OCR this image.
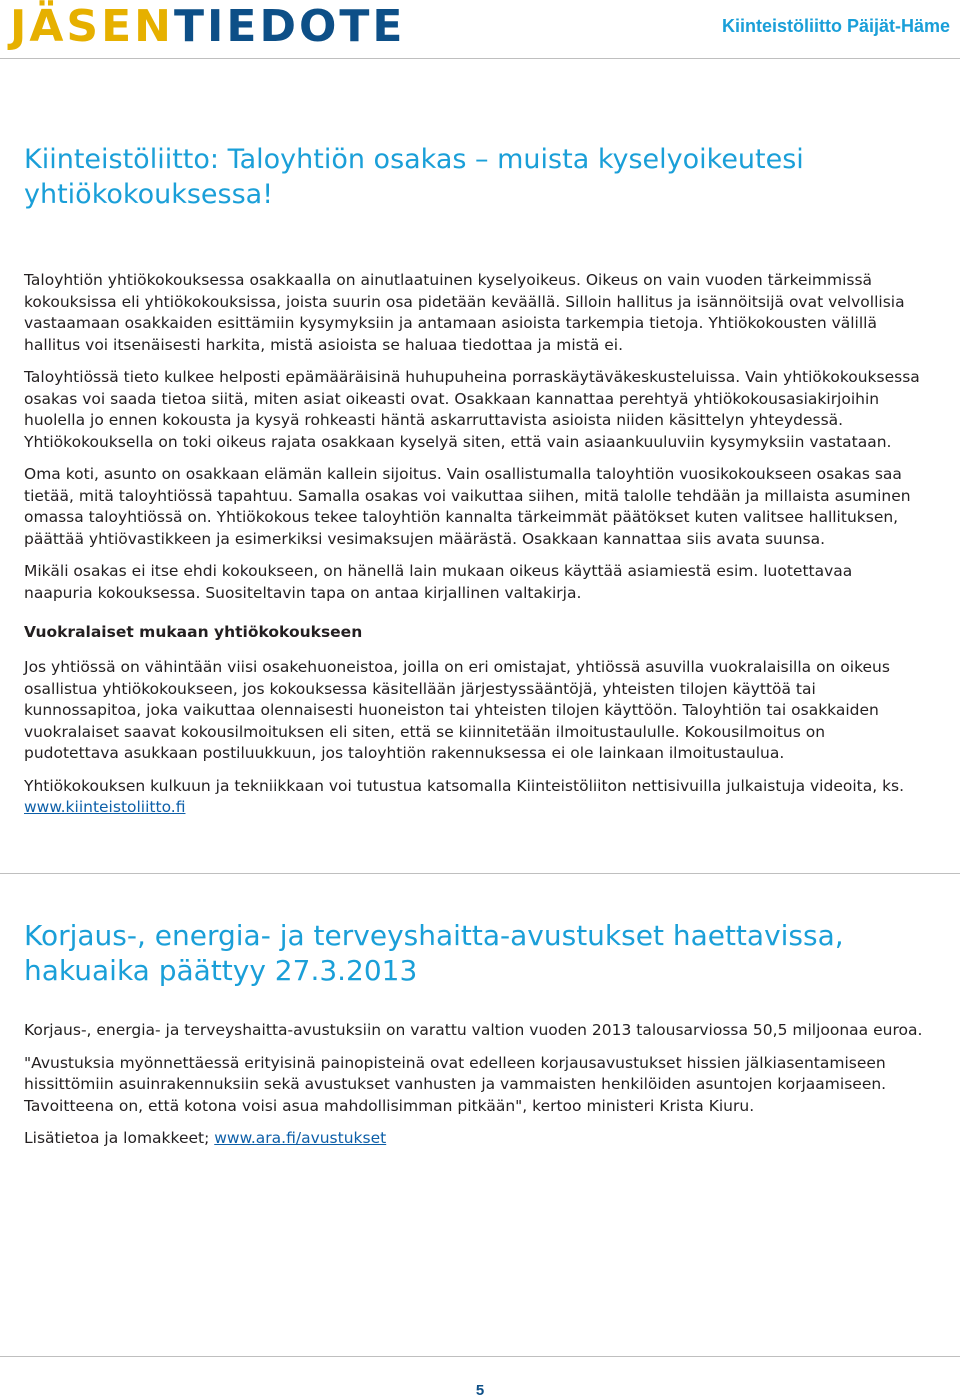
JÄSENTIEDOTE	Kiinteistöliitto Päijät-Häme
Kiinteistöliitto: Taloyhtiön osakas – muista kyselyoikeutesi yhtiökokouksessa!

Taloyhtiön yhtiökokouksessa osakkaalla on ainutlaatuinen kyselyoikeus. Oikeus on vain vuoden tärkeimmissä kokouksissa eli yhtiökokouksissa, joista suurin osa pidetään keväällä. Silloin hallitus ja isännöitsijä ovat velvollisia vastaamaan osakkaiden esittämiin kysymyksiin ja antamaan asioista tarkempia tietoja. Yhtiökokousten välillä hallitus voi itsenäisesti harkita, mistä asioista se haluaa tiedottaa ja mistä ei.

Taloyhtiössä tieto kulkee helposti epämääräisinä huhupuheina porraskäytäväkeskusteluissa. Vain yhtiökokouksessa osakas voi saada tietoa siitä, miten asiat oikeasti ovat. Osakkaan kannattaa perehtyä yhtiökokousasiakirjoihin huolella jo ennen kokousta ja kysyä rohkeasti häntä askarruttavista asioista niiden käsittelyn yhteydessä. Yhtiökokouksella on toki oikeus rajata osakkaan kyselyä siten, että vain asiaankuuluviin kysymyksiin vastataan.

Oma koti, asunto on osakkaan elämän kallein sijoitus. Vain osallistumalla taloyhtiön vuosikokoukseen osakas saa tietää, mitä taloyhtiössä tapahtuu. Samalla osakas voi vaikuttaa siihen, mitä talolle tehdään ja millaista asuminen omassa taloyhtiössä on. Yhtiökokous tekee taloyhtiön kannalta tärkeimmät päätökset kuten valitsee hallituksen, päättää yhtiövastikkeen ja esimerkiksi vesimaksujen määrästä. Osakkaan kannattaa siis avata suunsa.

Mikäli osakas ei itse ehdi kokoukseen, on hänellä lain mukaan oikeus käyttää asiamiestä esim. luotettavaa naapuria kokouksessa. Suositeltavin tapa on antaa kirjallinen valtakirja.

Vuokralaiset mukaan yhtiökokoukseen

Jos yhtiössä on vähintään viisi osakehuoneistoa, joilla on eri omistajat, yhtiössä asuvilla vuokralaisilla on oikeus osallistua yhtiökokoukseen, jos kokouksessa käsitellään järjestyssääntöjä, yhteisten tilojen käyttöä tai kunnossapitoa, joka vaikuttaa olennaisesti huoneiston tai yhteisten tilojen käyttöön. Taloyhtiön tai osakkaiden vuokralaiset saavat kokousilmoituksen eli siten, että se kiinnitetään ilmoitustaululle. Kokousilmoitus on pudotettava asukkaan postiluukkuun, jos taloyhtiön rakennuksessa ei ole lainkaan ilmoitustaulua.

Yhtiökokouksen kulkuun ja tekniikkaan voi tutustua katsomalla Kiinteistöliiton nettisivuilla julkaistuja videoita, ks. www.kiinteistoliitto.fi

Korjaus-, energia- ja terveyshaitta-avustukset haettavissa, hakuaika päättyy 27.3.2013

Korjaus-, energia- ja terveyshaitta-avustuksiin on varattu valtion vuoden 2013 talousarviossa 50,5 miljoonaa euroa.

"Avustuksia myönnettäessä erityisinä painopisteinä ovat edelleen korjausavustukset hissien jälkiasentamiseen hissittömiin asuinrakennuksiin sekä avustukset vanhusten ja vammaisten henkilöiden asuntojen korjaamiseen. Tavoitteena on, että kotona voisi asua mahdollisimman pitkään", kertoo ministeri Krista Kiuru.

Lisätietoa ja lomakkeet; www.ara.fi/avustukset

5
